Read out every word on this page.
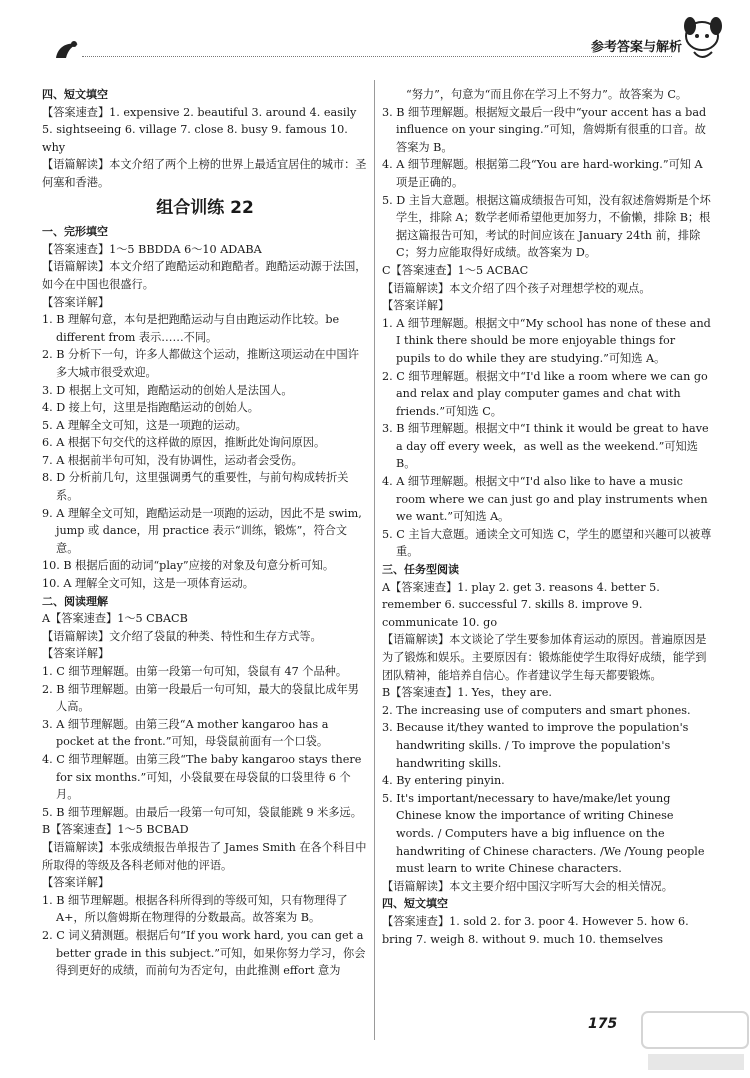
参考答案与解析
四、短文填空
【答案速查】1. expensive 2. beautiful 3. around 4. easily 5. sightseeing 6. village 7. close 8. busy 9. famous 10. why
【语篇解读】本文介绍了两个上榜的世界上最适宜居住的城市：圣何塞和香港。
组合训练 22
一、完形填空
【答案速查】1～5 BBDDA 6～10 ADABA
【语篇解读】本文介绍了跑酷运动和跑酷者。跑酷运动源于法国，如今在中国也很盛行。
【答案详解】
1. B 理解句意，本句是把跑酷运动与自由跑运动作比较。be different from 表示……不同。
2. B 分析下一句，许多人都做这个运动，推断这项运动在中国许多大城市很受欢迎。
3. D 根据上文可知，跑酷运动的创始人是法国人。
4. D 接上句，这里是指跑酷运动的创始人。
5. A 理解全文可知，这是一项跑的运动。
6. A 根据下句交代的这样做的原因，推断此处询问原因。
7. A 根据前半句可知，没有协调性，运动者会受伤。
8. D 分析前几句，这里强调勇气的重要性，与前句构成转折关系。
9. A 理解全文可知，跑酷运动是一项跑的运动，因此不是 swim, jump 或 dance，用 practice 表示“训练，锻炼”，符合文意。
10. B 根据后面的动词“play”应接的对象及句意分析可知。
10. A 理解全文可知，这是一项体育运动。
二、阅读理解
A【答案速查】1～5 CBACB
【语篇解读】文介绍了袋鼠的种类、特性和生存方式等。
【答案详解】
1. C 细节理解题。由第一段第一句可知，袋鼠有 47 个品种。
2. B 细节理解题。由第一段最后一句可知，最大的袋鼠比成年男人高。
3. A 细节理解题。由第三段“A mother kangaroo has a pocket at the front.”可知，母袋鼠前面有一个口袋。
4. C 细节理解题。由第三段“The baby kangaroo stays there for six months.”可知，小袋鼠要在母袋鼠的口袋里待 6 个月。
5. B 细节理解题。由最后一段第一句可知，袋鼠能跳 9 米多远。
B【答案速查】1～5 BCBAD
【语篇解读】本张成绩报告单报告了 James Smith 在各个科目中所取得的等级及各科老师对他的评语。
【答案详解】
1. B 细节理解题。根据各科所得到的等级可知，只有物理得了 A+，所以詹姆斯在物理得的分数最高。故答案为 B。
2. C 词义猜测题。根据后句“If you work hard, you can get a better grade in this subject.”可知，如果你努力学习，你会得到更好的成绩，而前句为否定句，由此推测 effort 意为
“努力”，句意为“而且你在学习上不努力”。故答案为 C。
3. B 细节理解题。根据短文最后一段中“your accent has a bad influence on your singing.”可知，詹姆斯有很重的口音。故答案为 B。
4. A 细节理解题。根据第二段“You are hard-working.”可知 A 项是正确的。
5. D 主旨大意题。根据这篇成绩报告可知，没有叙述詹姆斯是个坏学生，排除 A；数学老师希望他更加努力，不偷懒，排除 B；根据这篇报告可知，考试的时间应该在 January 24th 前，排除 C；努力应能取得好成绩。故答案为 D。
C【答案速查】1～5 ACBAC
【语篇解读】本文介绍了四个孩子对理想学校的观点。
【答案详解】
1. A 细节理解题。根据文中“My school has none of these and I think there should be more enjoyable things for pupils to do while they are studying.”可知选 A。
2. C 细节理解题。根据文中“I'd like a room where we can go and relax and play computer games and chat with friends.”可知选 C。
3. B 细节理解题。根据文中“I think it would be great to have a day off every week，as well as the weekend.”可知选 B。
4. A 细节理解题。根据文中“I'd also like to have a music room where we can just go and play instruments when we want.”可知选 A。
5. C 主旨大意题。通读全文可知选 C，学生的愿望和兴趣可以被尊重。
三、任务型阅读
A【答案速查】1. play 2. get 3. reasons 4. better 5. remember 6. successful 7. skills 8. improve 9. communicate 10. go
【语篇解读】本文谈论了学生要参加体育运动的原因。普遍原因是为了锻炼和娱乐。主要原因有：锻炼能使学生取得好成绩，能学到团队精神，能培养自信心。作者建议学生每天都要锻炼。
B【答案速查】1. Yes，they are.
2. The increasing use of computers and smart phones.
3. Because it/they wanted to improve the population's handwriting skills. / To improve the population's handwriting skills.
4. By entering pinyin.
5. It's important/necessary to have/make/let young Chinese know the importance of writing Chinese words. / Computers have a big influence on the handwriting of Chinese characters. /We /Young people must learn to write Chinese characters.
【语篇解读】本文主要介绍中国汉字听写大会的相关情况。
四、短文填空
【答案速查】1. sold 2. for 3. poor 4. However 5. how 6. bring 7. weigh 8. without 9. much 10. themselves
175
